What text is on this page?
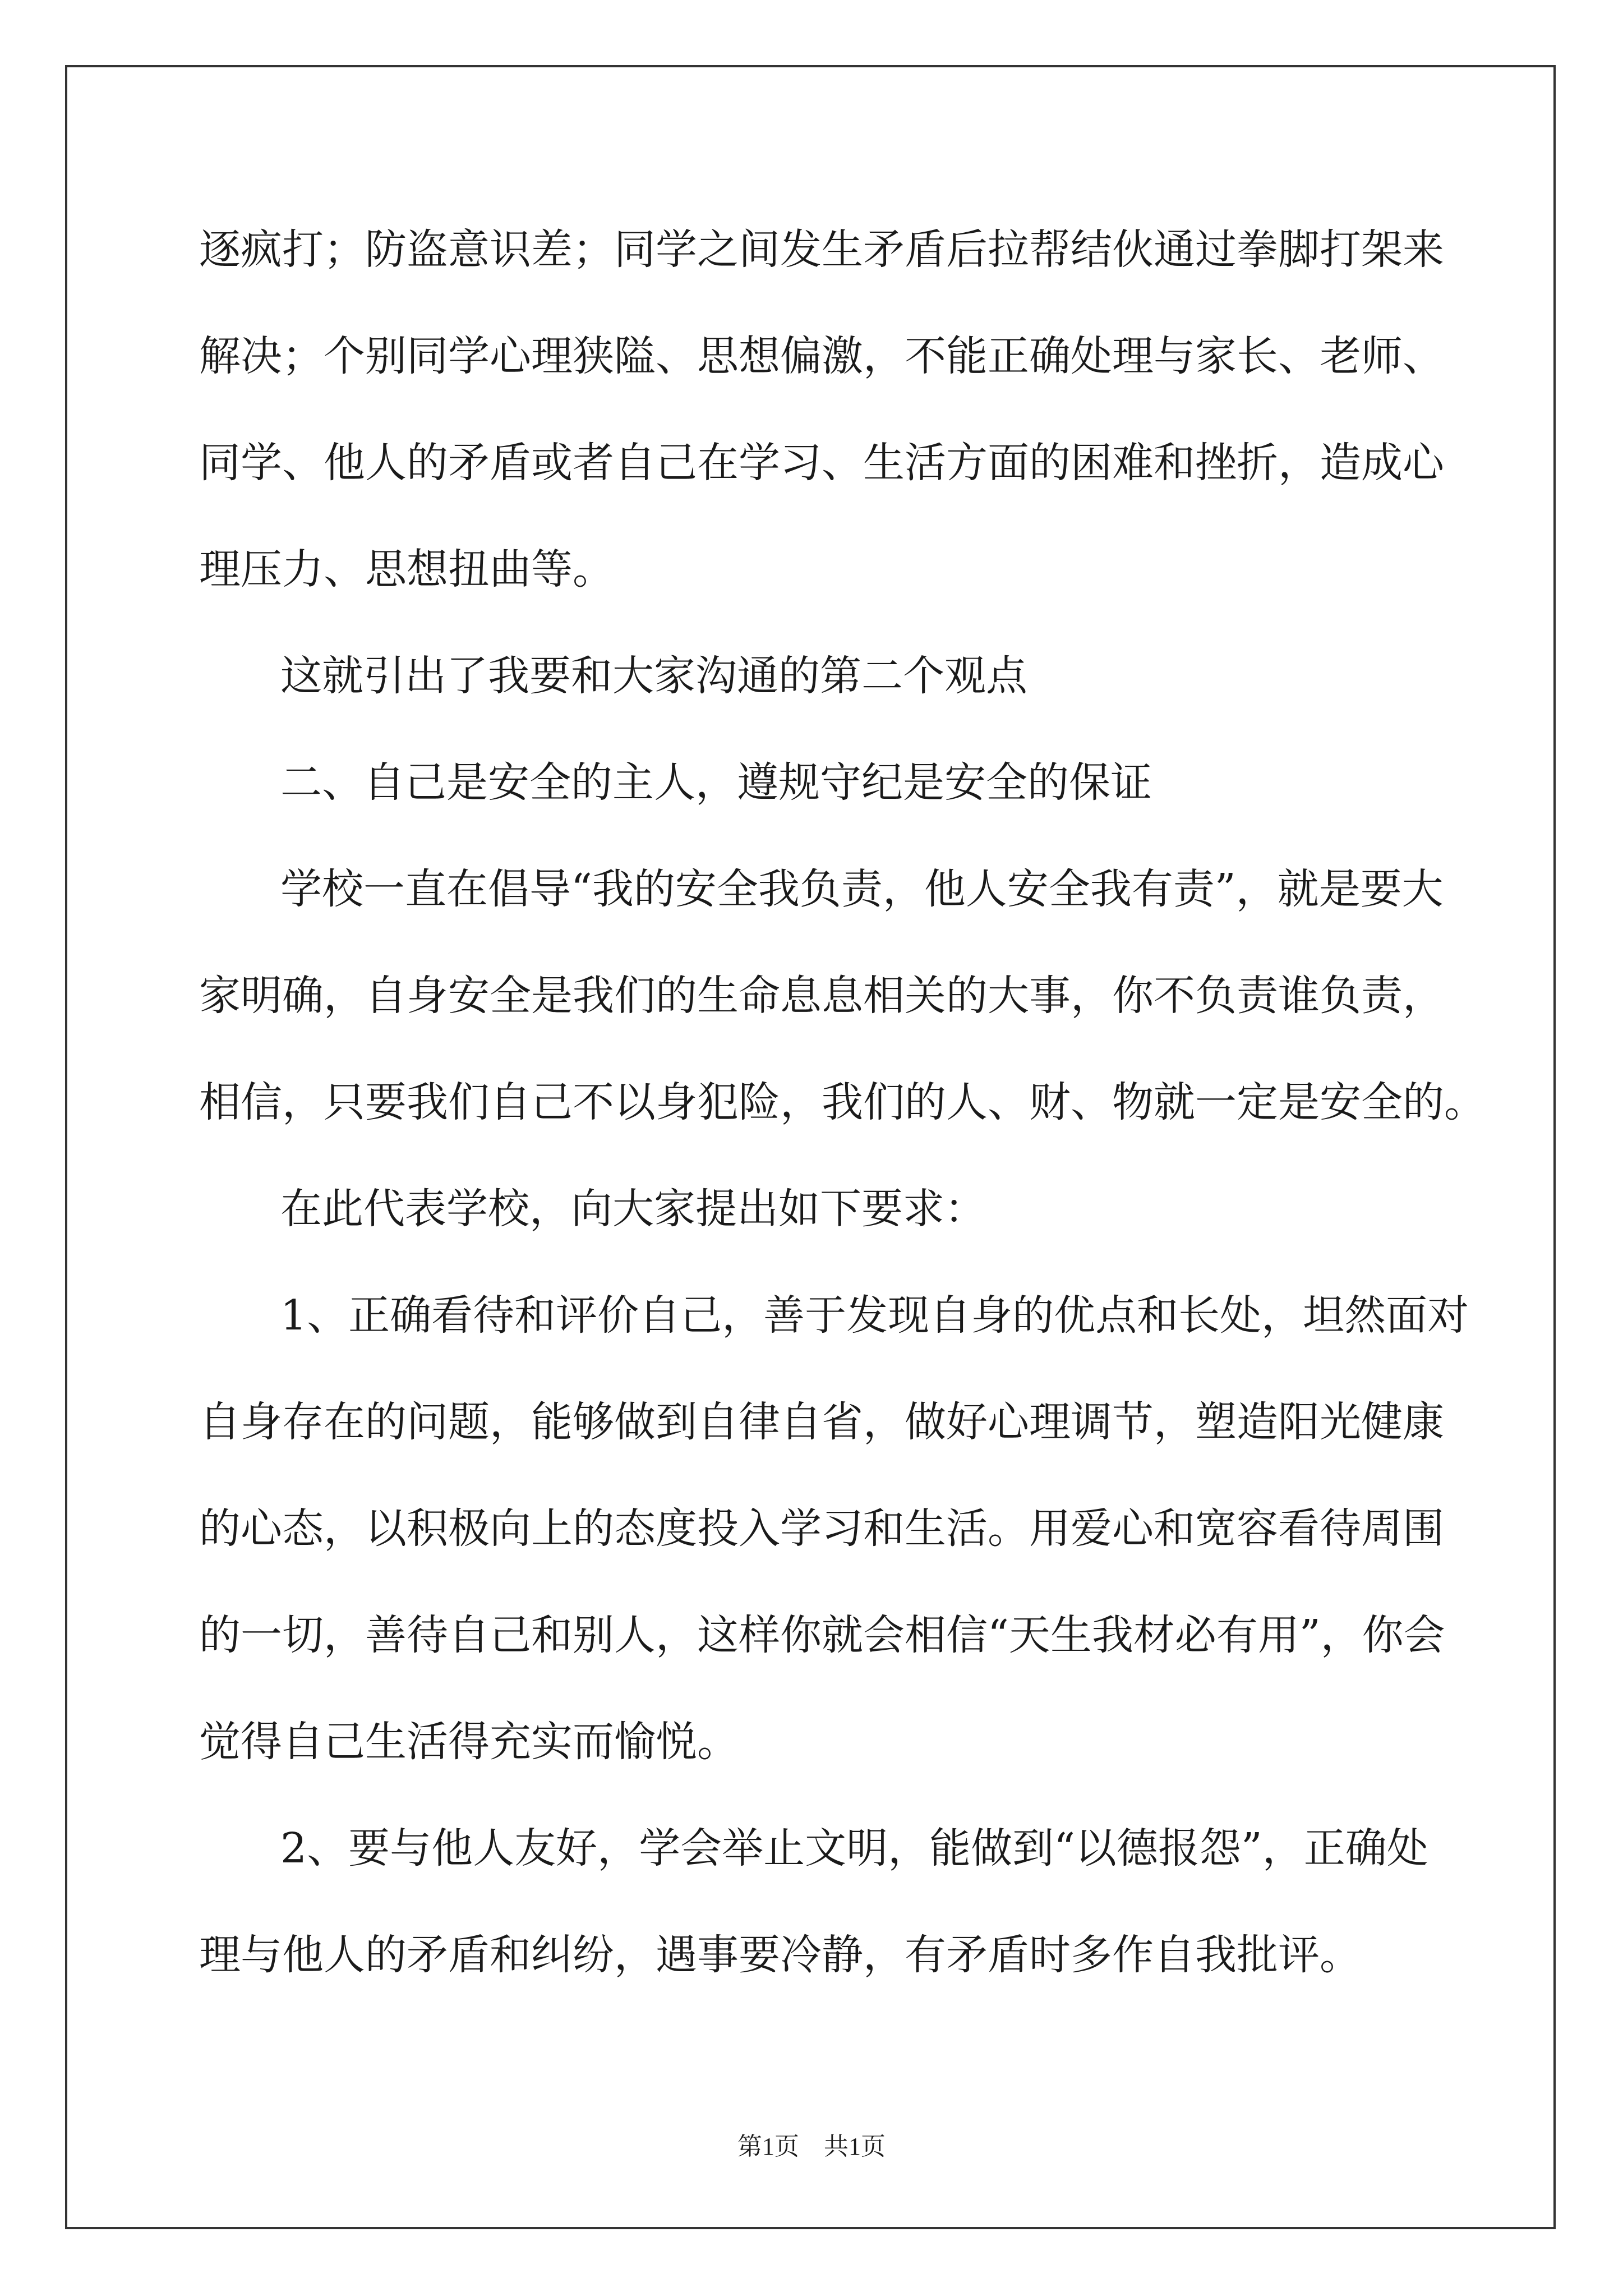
逐疯打；防盗意识差；同学之间发生矛盾后拉帮结伙通过拳脚打架来

解决；个别同学心理狭隘、思想偏激，不能正确处理与家长、老师、

同学、他人的矛盾或者自己在学习、生活方面的困难和挫折，造成心

理压力、思想扭曲等。

这就引出了我要和大家沟通的第二个观点

二、自己是安全的主人，遵规守纪是安全的保证

学校一直在倡导“我的安全我负责，他人安全我有责”，就是要大

家明确，自身安全是我们的生命息息相关的大事，你不负责谁负责，

相信，只要我们自己不以身犯险，我们的人、财、物就一定是安全的。

在此代表学校，向大家提出如下要求：

1、正确看待和评价自己，善于发现自身的优点和长处，坦然面对

自身存在的问题，能够做到自律自省，做好心理调节，塑造阳光健康

的心态，以积极向上的态度投入学习和生活。用爱心和宽容看待周围

的一切，善待自己和别人，这样你就会相信“天生我材必有用”，你会

觉得自己生活得充实而愉悦。

2、要与他人友好，学会举止文明，能做到“以德报怨”，正确处

理与他人的矛盾和纠纷，遇事要冷静，有矛盾时多作自我批评。

第1页　共1页
